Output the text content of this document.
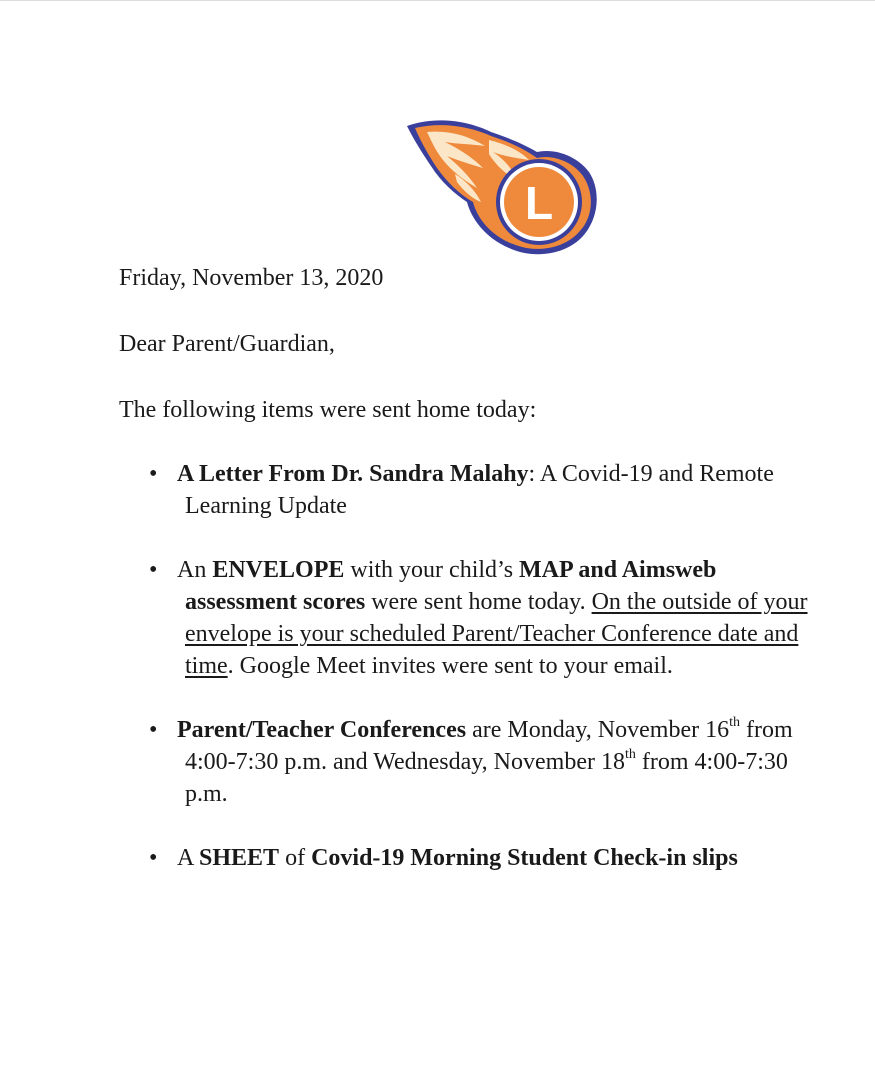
L

Friday, November 13, 2020

Dear Parent/Guardian,

The following items were sent home today:

• A Letter From Dr. Sandra Malahy: A Covid-19 and Remote
Learning Update
• An ENVELOPE with your child’s MAP and Aimsweb
assessment scores were sent home today. On the outside of your
envelope is your scheduled Parent/Teacher Conference date and
time. Google Meet invites were sent to your email.
• Parent/Teacher Conferences are Monday, November 16th from
4:00-7:30 p.m. and Wednesday, November 18th from 4:00-7:30
p.m.
• A SHEET of Covid-19 Morning Student Check-in slips
